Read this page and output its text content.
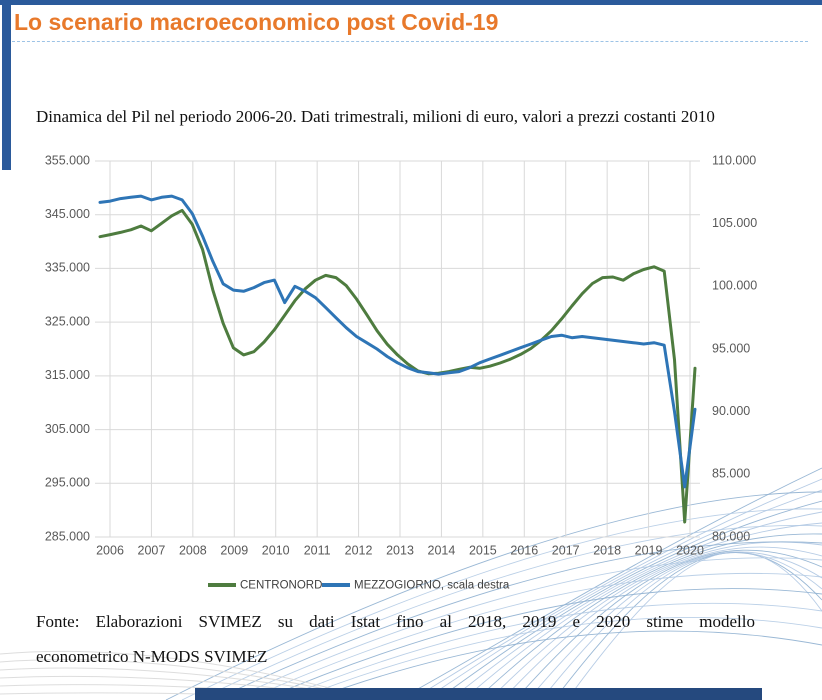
355.000
345.000
335.000
325.000
315.000
305.000
295.000
285.000
110.000
105.000
100.000
95.000
90.000
85.000
80.000
2006 2007 2008 2009 2010 2011 2012 2013 2014 2015 2016 2017 2018 2019 2020
CENTRONORD	MEZZOGIORNO, scala destra
Lo scenario macroeconomico post Covid-19

Dinamica del Pil nel periodo 2006-20. Dati trimestrali, milioni di euro, valori a prezzi costanti 2010

Fonte: Elaborazioni SVIMEZ su dati Istat fino al 2018, 2019 e 2020 stime modello

econometrico N-MODS SVIMEZ
